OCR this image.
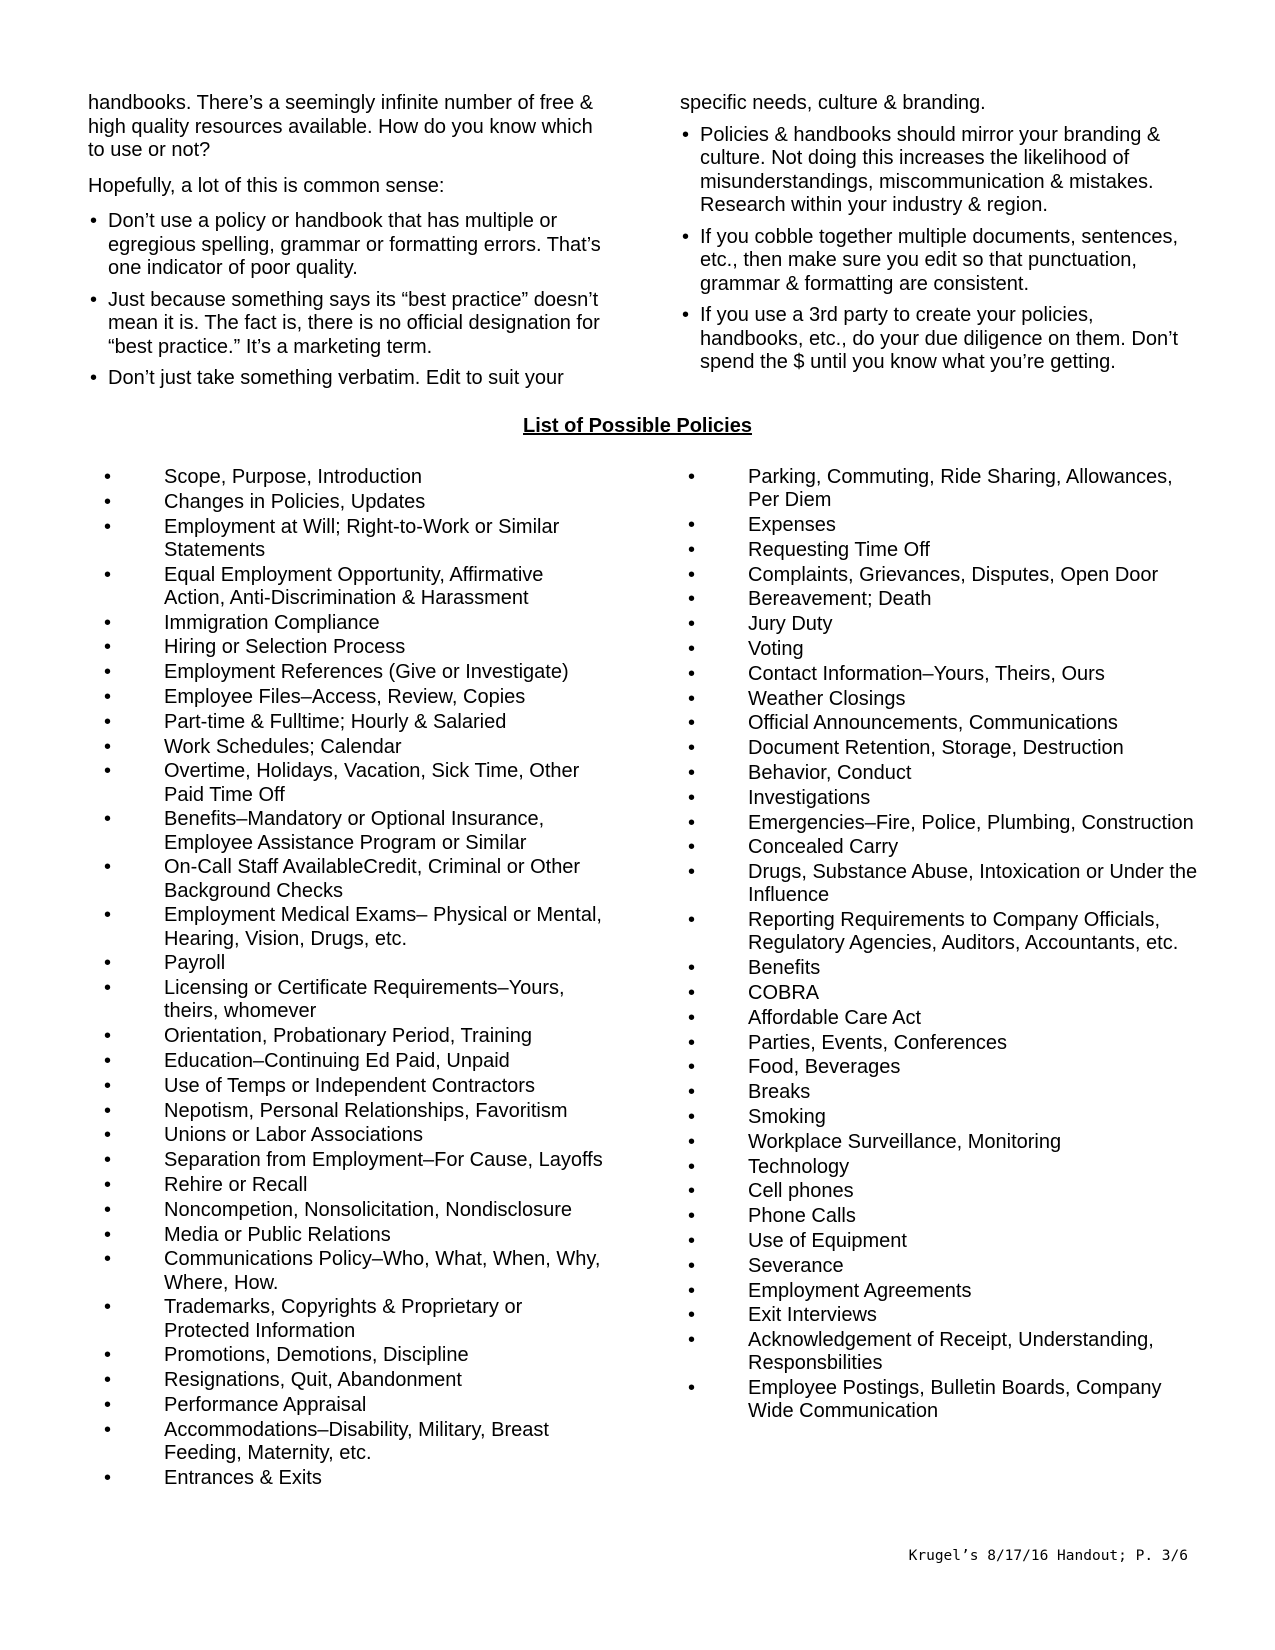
handbooks. There’s a seemingly infinite number of free & high quality resources available. How do you know which to use or not?

Hopefully, a lot of this is common sense:

• Don’t use a policy or handbook that has multiple or egregious spelling, grammar or formatting errors. That’s one indicator of poor quality.
• Just because something says its “best practice” doesn’t mean it is. The fact is, there is no official designation for “best practice.” It’s a marketing term.
• Don’t just take something verbatim. Edit to suit your

specific needs, culture & branding.

• Policies & handbooks should mirror your branding & culture. Not doing this increases the likelihood of misunderstandings, miscommunication & mistakes. Research within your industry & region.
• If you cobble together multiple documents, sentences, etc., then make sure you edit so that punctuation, grammar & formatting are consistent.
• If you use a 3rd party to create your policies, handbooks, etc., do your due diligence on them. Don’t spend the $ until you know what you’re getting.
List of Possible Policies
•	Scope, Purpose, Introduction
•	Changes in Policies, Updates
•	Employment at Will; Right-to-Work or Similar Statements
•	Equal Employment Opportunity, Affirmative Action, Anti-Discrimination & Harassment
•	Immigration Compliance
•	Hiring or Selection Process
•	Employment References (Give or Investigate)
•	Employee Files–Access, Review, Copies
•	Part-time & Fulltime; Hourly & Salaried
•	Work Schedules; Calendar
•	Overtime, Holidays, Vacation, Sick Time, Other Paid Time Off
•	Benefits–Mandatory or Optional Insurance, Employee Assistance Program or Similar
•	On-Call Staff AvailableCredit, Criminal or Other Background Checks
•	Employment Medical Exams– Physical or Mental, Hearing, Vision, Drugs, etc.
•	Payroll
•	Licensing or Certificate Requirements–Yours, theirs, whomever
•	Orientation, Probationary Period, Training
•	Education–Continuing Ed Paid, Unpaid
•	Use of Temps or Independent Contractors
•	Nepotism, Personal Relationships, Favoritism
•	Unions or Labor Associations
•	Separation from Employment–For Cause, Layoffs
•	Rehire or Recall
•	Noncompetion, Nonsolicitation, Nondisclosure
•	Media or Public Relations
•	Communications Policy–Who, What, When, Why, Where, How.
•	Trademarks, Copyrights & Proprietary or Protected Information
•	Promotions, Demotions, Discipline
•	Resignations, Quit, Abandonment
•	Performance Appraisal
•	Accommodations–Disability, Military, Breast Feeding, Maternity, etc.
•	Entrances & Exits
•	Parking, Commuting, Ride Sharing, Allowances, Per Diem
•	Expenses
•	Requesting Time Off
•	Complaints, Grievances, Disputes, Open Door
•	Bereavement; Death
•	Jury Duty
•	Voting
•	Contact Information–Yours, Theirs, Ours
•	Weather Closings
•	Official Announcements, Communications
•	Document Retention, Storage, Destruction
•	Behavior, Conduct
•	Investigations
•	Emergencies–Fire, Police, Plumbing, Construction
•	Concealed Carry
•	Drugs, Substance Abuse, Intoxication or Under the Influence
•	Reporting Requirements to Company Officials, Regulatory Agencies, Auditors, Accountants, etc.
•	Benefits
•	COBRA
•	Affordable Care Act
•	Parties, Events, Conferences
•	Food, Beverages
•	Breaks
•	Smoking
•	Workplace Surveillance, Monitoring
•	Technology
•	Cell phones
•	Phone Calls
•	Use of Equipment
•	Severance
•	Employment Agreements
•	Exit Interviews
•	Acknowledgement of Receipt, Understanding, Responsbilities
•	Employee Postings, Bulletin Boards, Company Wide Communication
Krugel’s 8/17/16 Handout; P. 3/6
